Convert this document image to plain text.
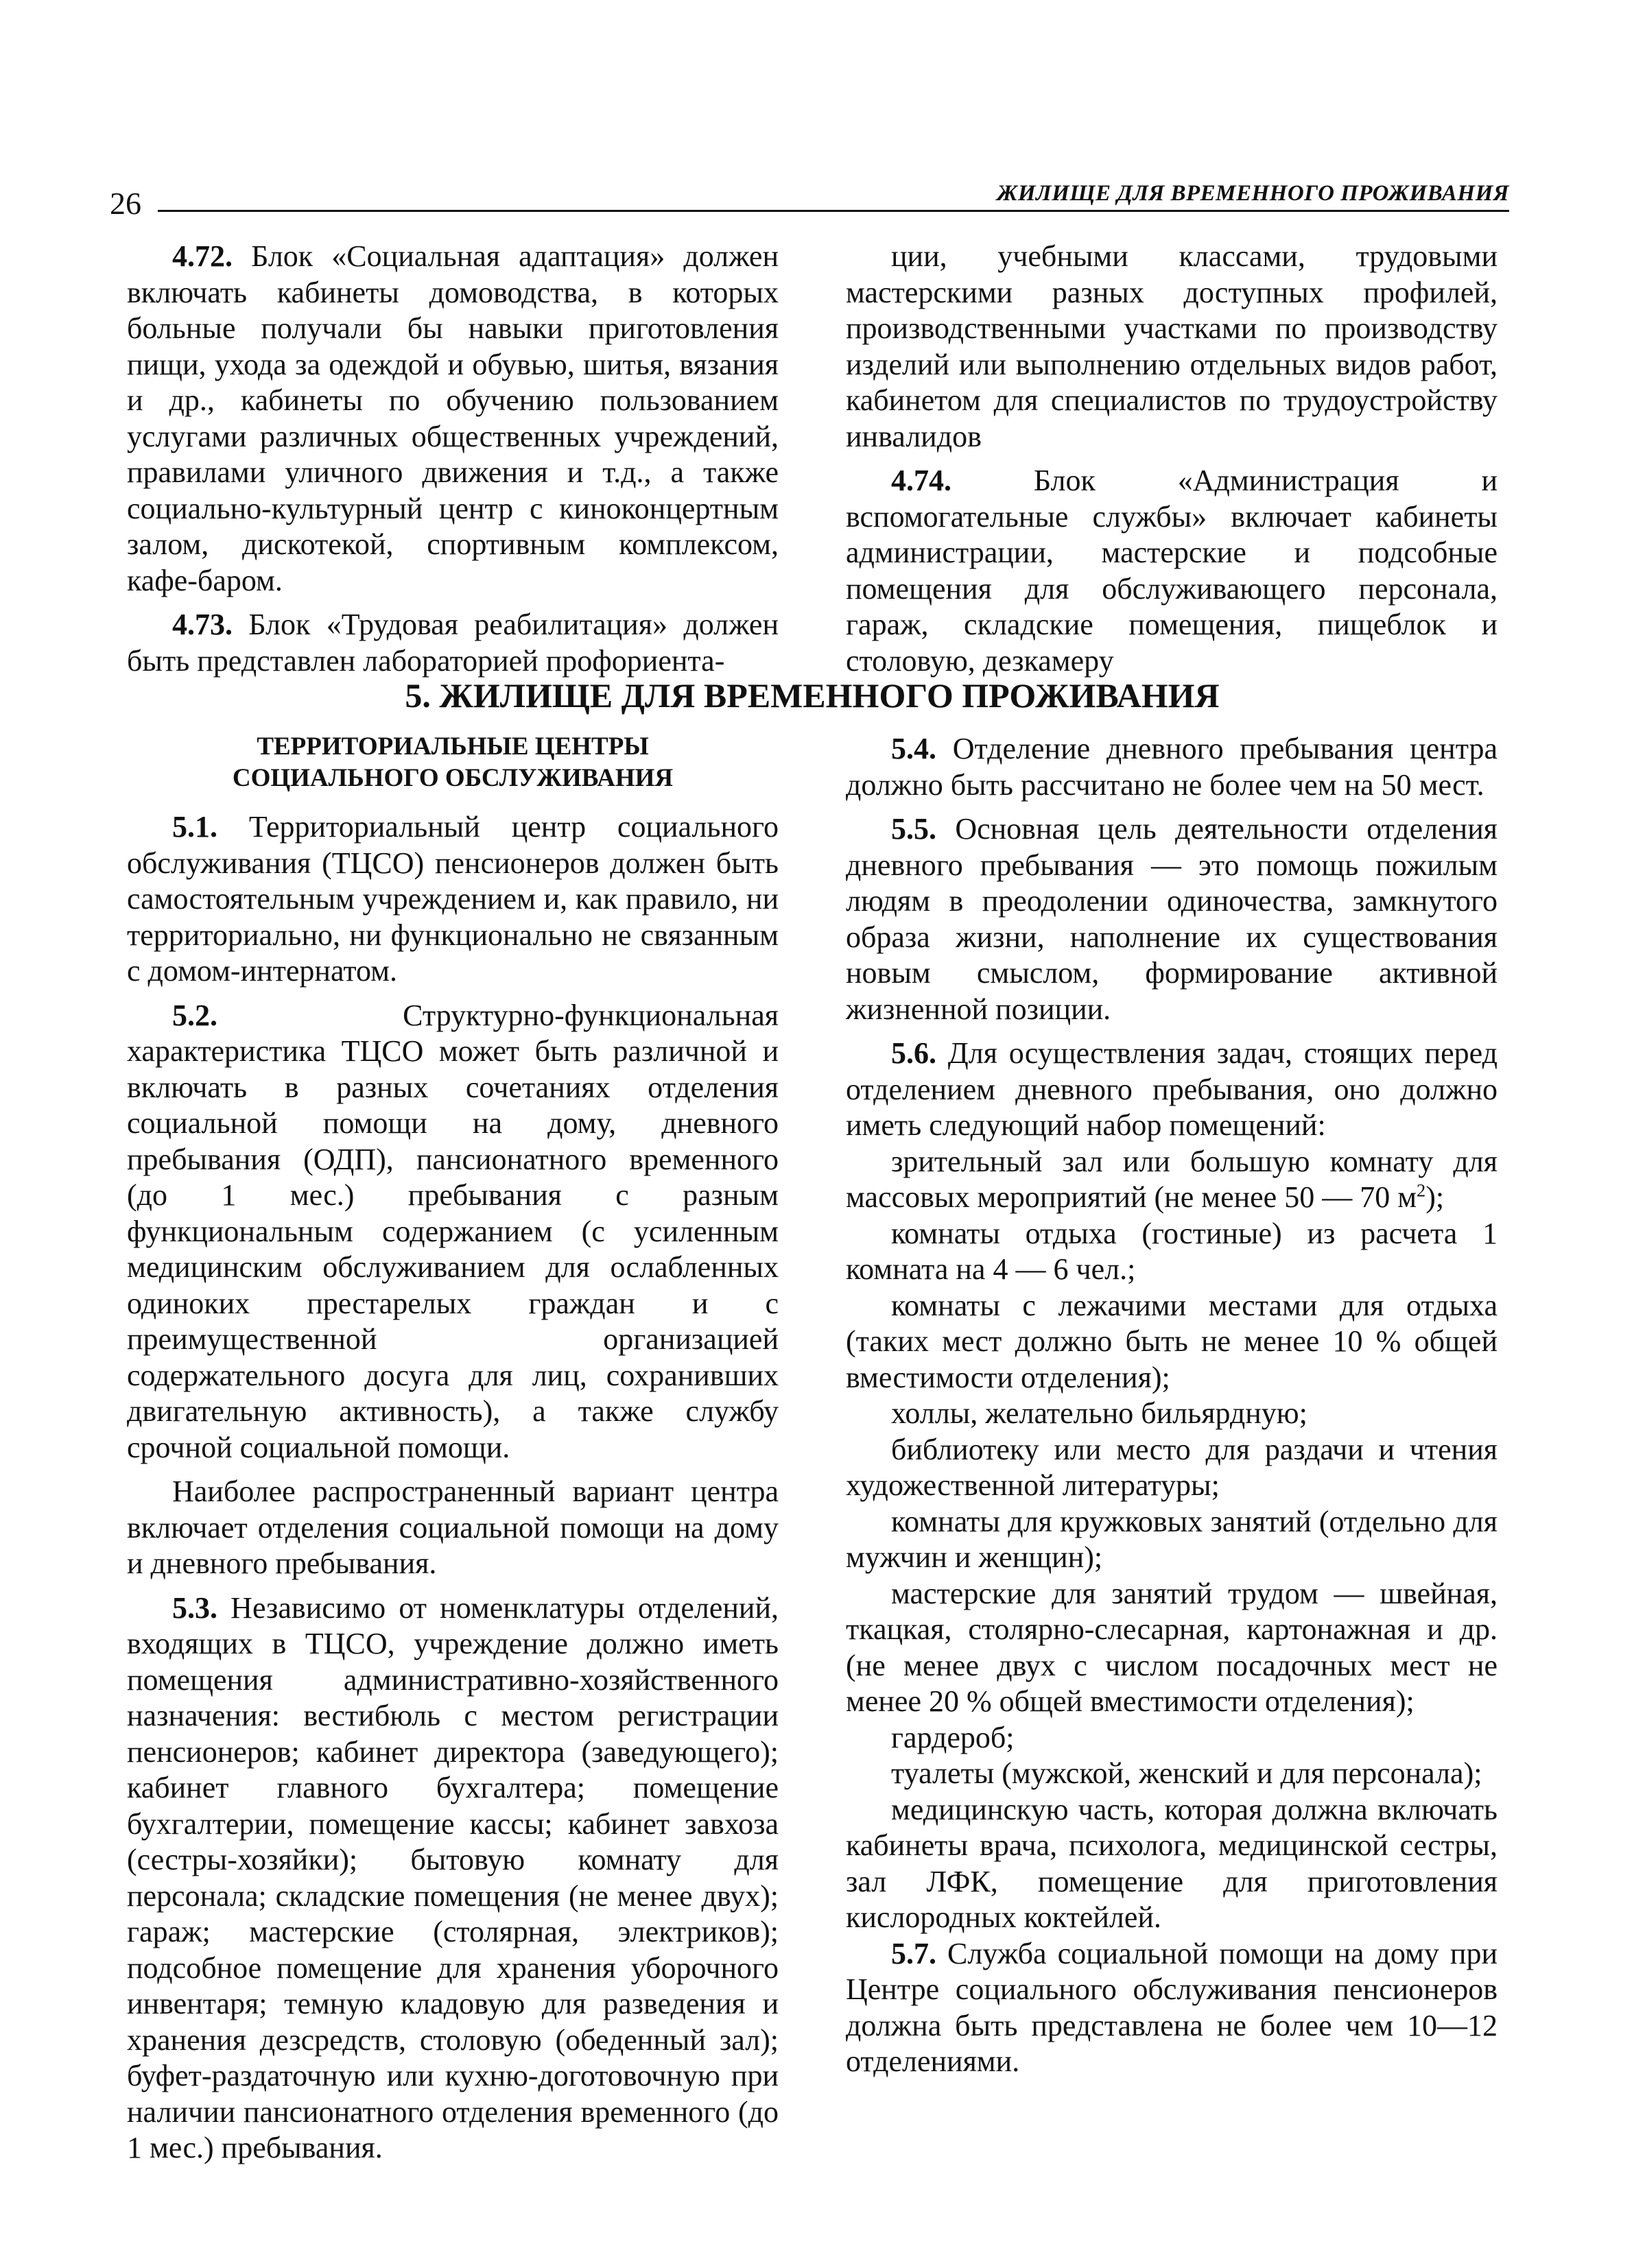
26	ЖИЛИЩЕ ДЛЯ ВРЕМЕННОГО ПРОЖИВАНИЯ

4.72. Блок «Социальная адаптация» должен включать кабинеты домоводства, в которых больные получали бы навыки приготовления пищи, ухода за одеждой и обувью, шитья, вязания и др., кабинеты по обучению пользованием услугами различных общественных учреждений, правилами уличного движения и т.д., а также социально-культурный центр с киноконцертным залом, дискотекой, спортивным комплексом, кафе-баром.

4.73. Блок «Трудовая реабилитация» должен быть представлен лабораторией профориента-

ции, учебными классами, трудовыми мастерскими разных доступных профилей, производственными участками по производству изделий или выполнению отдельных видов работ, кабинетом для специалистов по трудоустройству инвалидов

4.74. Блок «Администрация и вспомогательные службы» включает кабинеты администрации, мастерские и подсобные помещения для обслуживающего персонала, гараж, складские помещения, пищеблок и столовую, дезкамеру

5. ЖИЛИЩЕ ДЛЯ ВРЕМЕННОГО ПРОЖИВАНИЯ
ТЕРРИТОРИАЛЬНЫЕ ЦЕНТРЫ
СОЦИАЛЬНОГО ОБСЛУЖИВАНИЯ

5.1. Территориальный центр социального обслуживания (ТЦСО) пенсионеров должен быть самостоятельным учреждением и, как правило, ни территориально, ни функционально не связанным с домом-интернатом.

5.2. Структурно-функциональная характеристика ТЦСО может быть различной и включать в разных сочетаниях отделения социальной помощи на дому, дневного пребывания (ОДП), пансионатного временного (до 1 мес.) пребывания с разным функциональным содержанием (с усиленным медицинским обслуживанием для ослабленных одиноких престарелых граждан и с преимущественной организацией содержательного досуга для лиц, сохранивших двигательную активность), а также службу срочной социальной помощи.

Наиболее распространенный вариант центра включает отделения социальной помощи на дому и дневного пребывания.

5.3. Независимо от номенклатуры отделений, входящих в ТЦСО, учреждение должно иметь помещения административно-хозяйственного назначения: вестибюль с местом регистрации пенсионеров; кабинет директора (заведующего); кабинет главного бухгалтера; помещение бухгалтерии, помещение кассы; кабинет завхоза (сестры-хозяйки); бытовую комнату для персонала; складские помещения (не менее двух); гараж; мастерские (столярная, электриков); подсобное помещение для хранения уборочного инвентаря; темную кладовую для разведения и хранения дезсредств, столовую (обеденный зал); буфет-раздаточную или кухню-доготовочную при наличии пансионатного отделения временного (до 1 мес.) пребывания.

5.4. Отделение дневного пребывания центра должно быть рассчитано не более чем на 50 мест.

5.5. Основная цель деятельности отделения дневного пребывания — это помощь пожилым людям в преодолении одиночества, замкнутого образа жизни, наполнение их существования новым смыслом, формирование активной жизненной позиции.

5.6. Для осуществления задач, стоящих перед отделением дневного пребывания, оно должно иметь следующий набор помещений:

зрительный зал или большую комнату для массовых мероприятий (не менее 50 — 70 $м^2$);

комнаты отдыха (гостиные) из расчета 1 комната на 4 — 6 чел.;

комнаты с лежачими местами для отдыха (таких мест должно быть не менее 10 % общей вместимости отделения);

холлы, желательно бильярдную;

библиотеку или место для раздачи и чтения художественной литературы;

комнаты для кружковых занятий (отдельно для мужчин и женщин);

мастерские для занятий трудом — швейная, ткацкая, столярно-слесарная, картонажная и др. (не менее двух с числом посадочных мест не менее 20 % общей вместимости отделения);

гардероб;

туалеты (мужской, женский и для персонала);

медицинскую часть, которая должна включать кабинеты врача, психолога, медицинской сестры, зал ЛФК, помещение для приготовления кислородных коктейлей.

5.7. Служба социальной помощи на дому при Центре социального обслуживания пенсионеров должна быть представлена не более чем 10—12 отделениями.
